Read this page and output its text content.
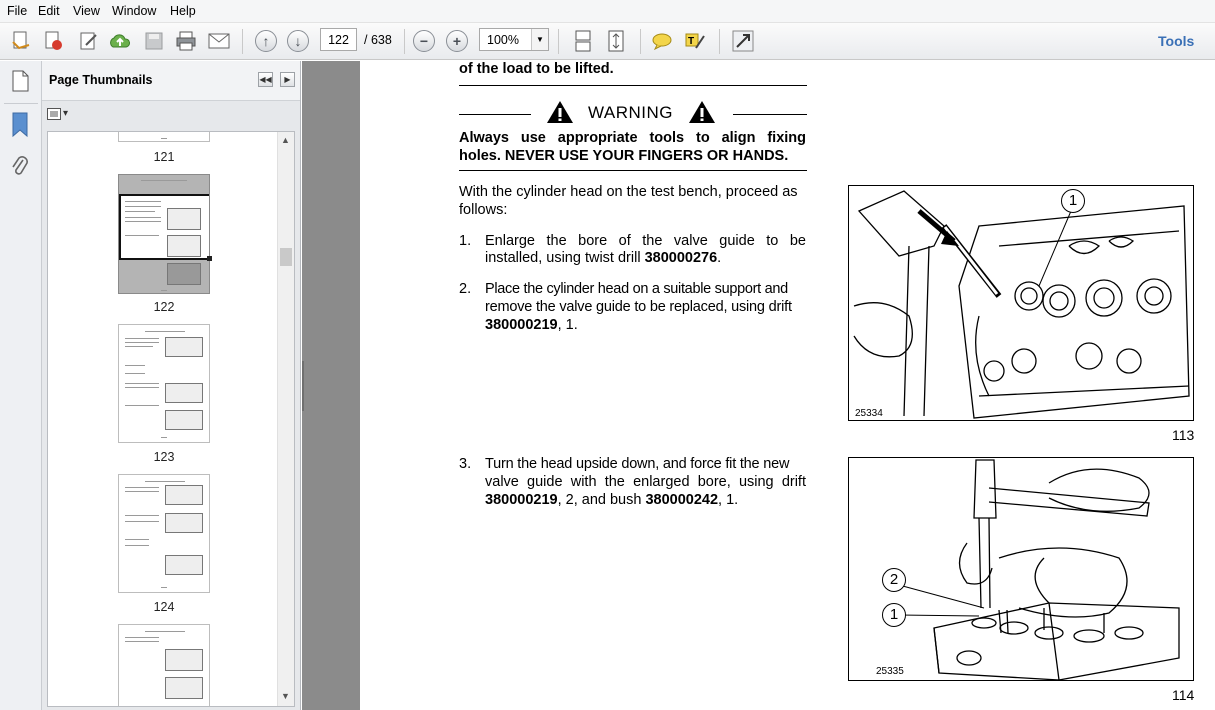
File Edit View Window Help
↑	↓	−	+	T	Tools
122	/ 638	100%	▼
Page Thumbnails	◀◀	▶
▾
121
122
123
124
▲
▼
of the load to be lifted.
WARNING
Always use appropriate tools to align fixing
holes. NEVER USE YOUR FINGERS OR HANDS.
With the cylinder head on the test bench, proceed as
follows:
1. Enlarge the bore of the valve guide to be
installed, using twist drill 380000276.
2. Place the cylinder head on a suitable support and
remove the valve guide to be replaced, using drift
380000219, 1.
3. Turn the head upside down, and force fit the new
valve guide with the enlarged bore, using drift
380000219, 2, and bush 380000242, 1.
1
25334
113
2
1
25335
114
